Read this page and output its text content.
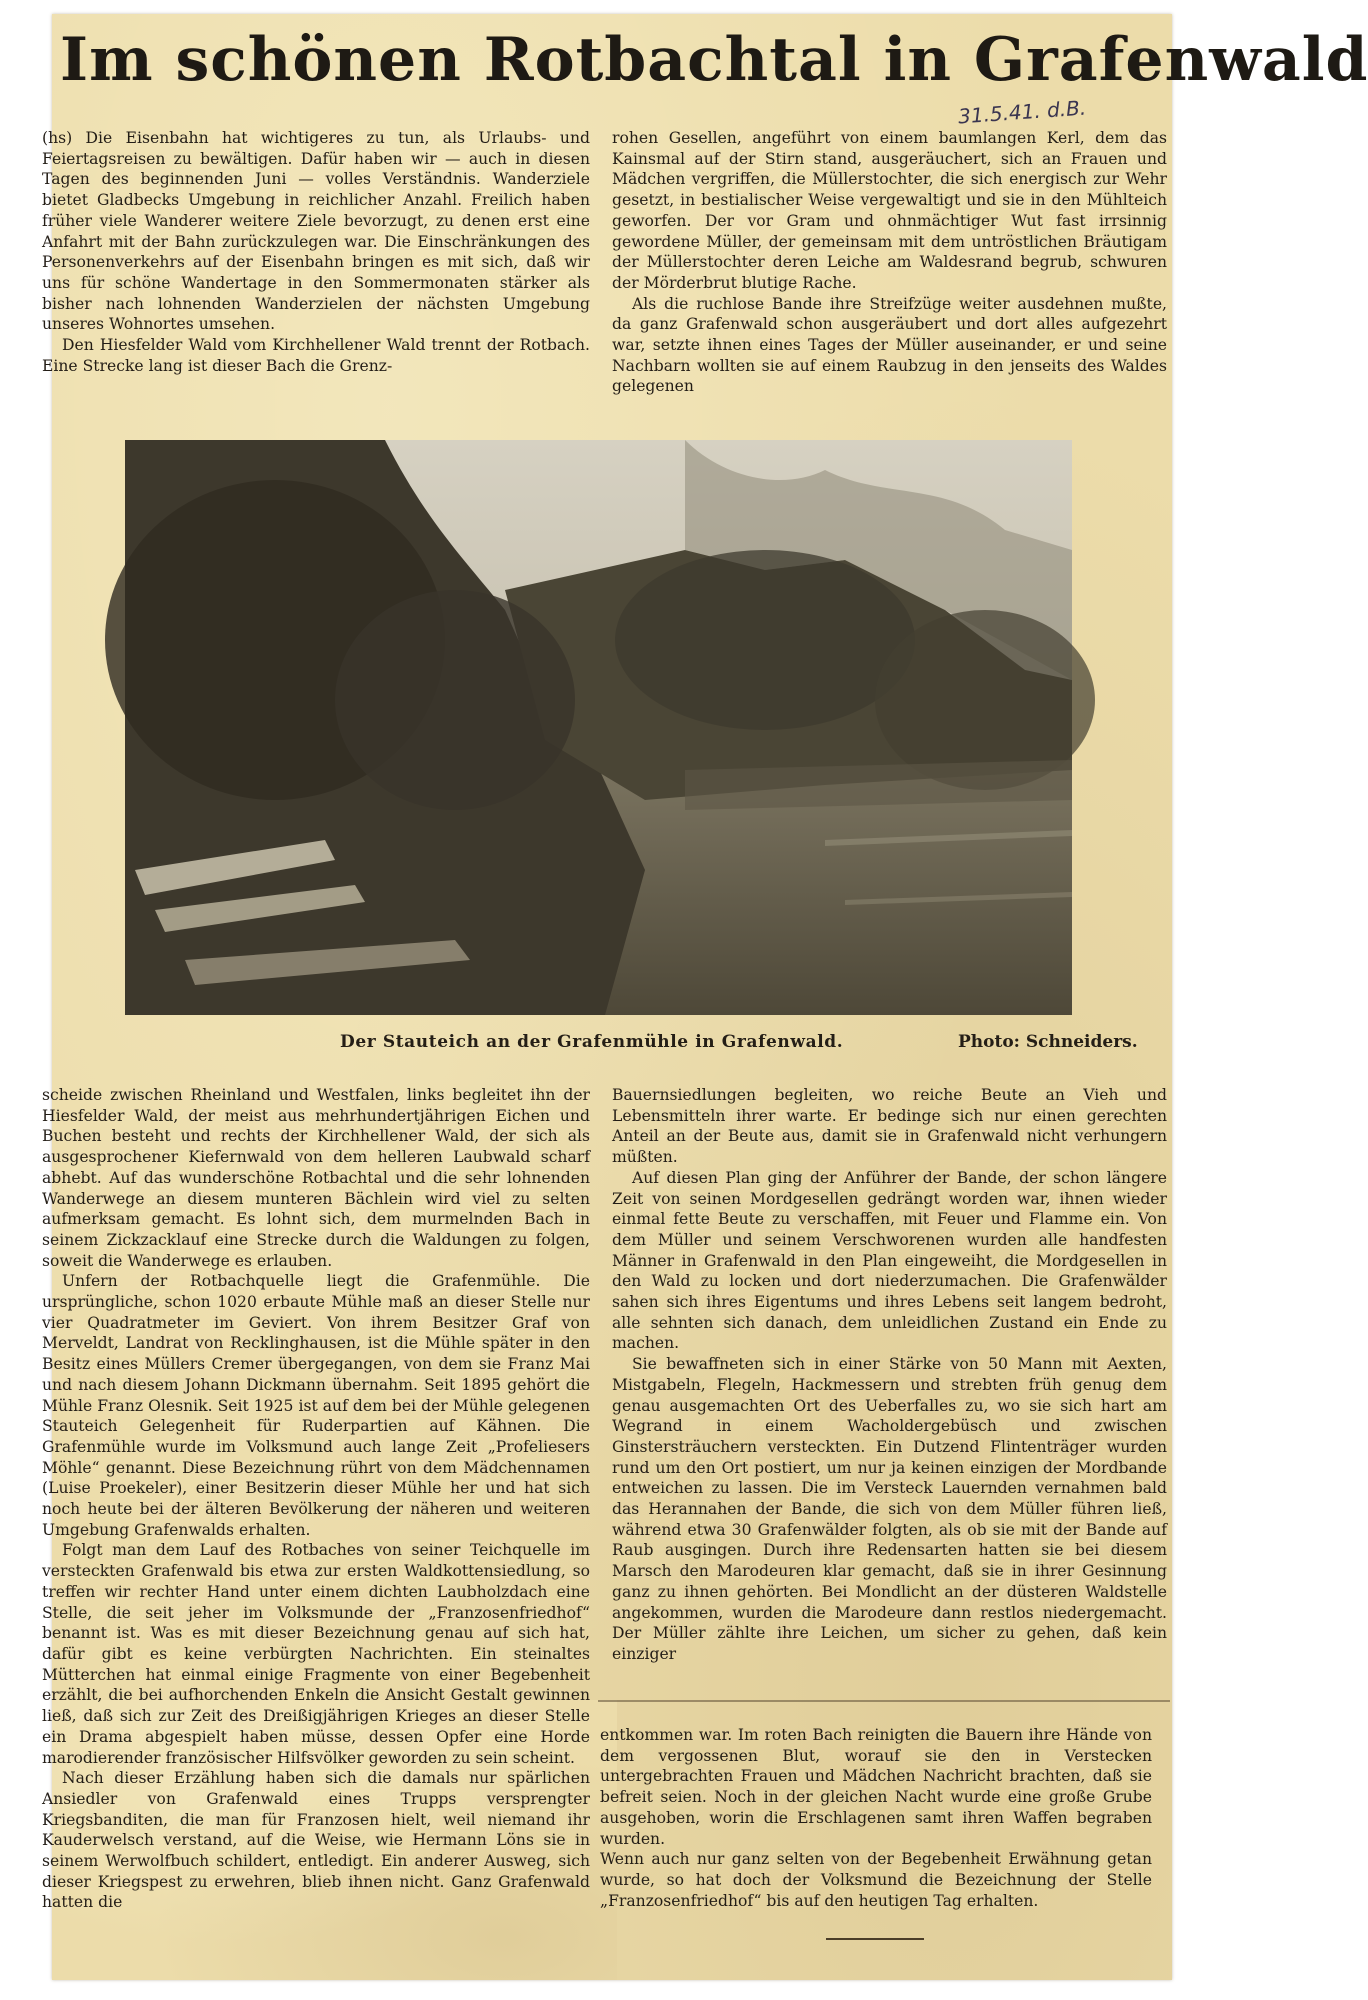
Im schönen Rotbachtal in Grafenwald
31.5.41. d.B.

(hs) Die Eisenbahn hat wichtigeres zu tun, als Urlaubs- und Feiertagsreisen zu bewältigen. Dafür haben wir — auch in diesen Tagen des beginnenden Juni — volles Verständnis. Wanderziele bietet Gladbecks Umgebung in reichlicher Anzahl. Freilich haben früher viele Wanderer weitere Ziele bevorzugt, zu denen erst eine Anfahrt mit der Bahn zurückzulegen war. Die Einschränkungen des Personenverkehrs auf der Eisenbahn bringen es mit sich, daß wir uns für schöne Wandertage in den Sommermonaten stärker als bisher nach lohnenden Wanderzielen der nächsten Umgebung unseres Wohnortes umsehen.

Den Hiesfelder Wald vom Kirchhellener Wald trennt der Rotbach. Eine Strecke lang ist dieser Bach die Grenz-

rohen Gesellen, angeführt von einem baumlangen Kerl, dem das Kainsmal auf der Stirn stand, ausgeräuchert, sich an Frauen und Mädchen vergriffen, die Müllerstochter, die sich energisch zur Wehr gesetzt, in bestialischer Weise vergewaltigt und sie in den Mühlteich geworfen. Der vor Gram und ohnmächtiger Wut fast irrsinnig gewordene Müller, der gemeinsam mit dem untröstlichen Bräutigam der Müllerstochter deren Leiche am Waldesrand begrub, schwuren der Mörderbrut blutige Rache.

Als die ruchlose Bande ihre Streifzüge weiter ausdehnen mußte, da ganz Grafenwald schon ausgeräubert und dort alles aufgezehrt war, setzte ihnen eines Tages der Müller auseinander, er und seine Nachbarn wollten sie auf einem Raubzug in den jenseits des Waldes gelegenen

Der Stauteich an der Grafenmühle in Grafenwald.	Photo: Schneiders.

scheide zwischen Rheinland und Westfalen, links begleitet ihn der Hiesfelder Wald, der meist aus mehrhundertjährigen Eichen und Buchen besteht und rechts der Kirchhellener Wald, der sich als ausgesprochener Kiefernwald von dem helleren Laubwald scharf abhebt. Auf das wunderschöne Rotbachtal und die sehr lohnenden Wanderwege an diesem munteren Bächlein wird viel zu selten aufmerksam gemacht. Es lohnt sich, dem murmelnden Bach in seinem Zickzacklauf eine Strecke durch die Waldungen zu folgen, soweit die Wanderwege es erlauben.

Unfern der Rotbachquelle liegt die Grafenmühle. Die ursprüngliche, schon 1020 erbaute Mühle maß an dieser Stelle nur vier Quadratmeter im Geviert. Von ihrem Besitzer Graf von Merveldt, Landrat von Recklinghausen, ist die Mühle später in den Besitz eines Müllers Cremer übergegangen, von dem sie Franz Mai und nach diesem Johann Dickmann übernahm. Seit 1895 gehört die Mühle Franz Olesnik. Seit 1925 ist auf dem bei der Mühle gelegenen Stauteich Gelegenheit für Ruderpartien auf Kähnen. Die Grafenmühle wurde im Volksmund auch lange Zeit „Profeliesers Möhle“ genannt. Diese Bezeichnung rührt von dem Mädchennamen (Luise Proekeler), einer Besitzerin dieser Mühle her und hat sich noch heute bei der älteren Bevölkerung der näheren und weiteren Umgebung Grafenwalds erhalten.

Folgt man dem Lauf des Rotbaches von seiner Teichquelle im versteckten Grafenwald bis etwa zur ersten Waldkottensiedlung, so treffen wir rechter Hand unter einem dichten Laubholzdach eine Stelle, die seit jeher im Volksmunde der „Franzosenfriedhof“ benannt ist. Was es mit dieser Bezeichnung genau auf sich hat, dafür gibt es keine verbürgten Nachrichten. Ein steinaltes Mütterchen hat einmal einige Fragmente von einer Begebenheit erzählt, die bei aufhorchenden Enkeln die Ansicht Gestalt gewinnen ließ, daß sich zur Zeit des Dreißigjährigen Krieges an dieser Stelle ein Drama abgespielt haben müsse, dessen Opfer eine Horde marodierender französischer Hilfsvölker geworden zu sein scheint.

Nach dieser Erzählung haben sich die damals nur spärlichen Ansiedler von Grafenwald eines Trupps versprengter Kriegsbanditen, die man für Franzosen hielt, weil niemand ihr Kauderwelsch verstand, auf die Weise, wie Hermann Löns sie in seinem Werwolfbuch schildert, entledigt. Ein anderer Ausweg, sich dieser Kriegspest zu erwehren, blieb ihnen nicht. Ganz Grafenwald hatten die

Bauernsiedlungen begleiten, wo reiche Beute an Vieh und Lebensmitteln ihrer warte. Er bedinge sich nur einen gerechten Anteil an der Beute aus, damit sie in Grafenwald nicht verhungern müßten.

Auf diesen Plan ging der Anführer der Bande, der schon längere Zeit von seinen Mordgesellen gedrängt worden war, ihnen wieder einmal fette Beute zu verschaffen, mit Feuer und Flamme ein. Von dem Müller und seinem Verschworenen wurden alle handfesten Männer in Grafenwald in den Plan eingeweiht, die Mordgesellen in den Wald zu locken und dort niederzumachen. Die Grafenwälder sahen sich ihres Eigentums und ihres Lebens seit langem bedroht, alle sehnten sich danach, dem unleidlichen Zustand ein Ende zu machen.

Sie bewaffneten sich in einer Stärke von 50 Mann mit Aexten, Mistgabeln, Flegeln, Hackmessern und strebten früh genug dem genau ausgemachten Ort des Ueberfalles zu, wo sie sich hart am Wegrand in einem Wacholdergebüsch und zwischen Ginstersträuchern versteckten. Ein Dutzend Flintenträger wurden rund um den Ort postiert, um nur ja keinen einzigen der Mordbande entweichen zu lassen. Die im Versteck Lauernden vernahmen bald das Herannahen der Bande, die sich von dem Müller führen ließ, während etwa 30 Grafenwälder folgten, als ob sie mit der Bande auf Raub ausgingen. Durch ihre Redensarten hatten sie bei diesem Marsch den Marodeuren klar gemacht, daß sie in ihrer Gesinnung ganz zu ihnen gehörten. Bei Mondlicht an der düsteren Waldstelle angekommen, wurden die Marodeure dann restlos niedergemacht. Der Müller zählte ihre Leichen, um sicher zu gehen, daß kein einziger

entkommen war. Im roten Bach reinigten die Bauern ihre Hände von dem vergossenen Blut, worauf sie den in Verstecken untergebrachten Frauen und Mädchen Nachricht brachten, daß sie befreit seien. Noch in der gleichen Nacht wurde eine große Grube ausgehoben, worin die Erschlagenen samt ihren Waffen begraben wurden.

Wenn auch nur ganz selten von der Begebenheit Erwähnung getan wurde, so hat doch der Volksmund die Bezeichnung der Stelle „Franzosenfriedhof“ bis auf den heutigen Tag erhalten.
